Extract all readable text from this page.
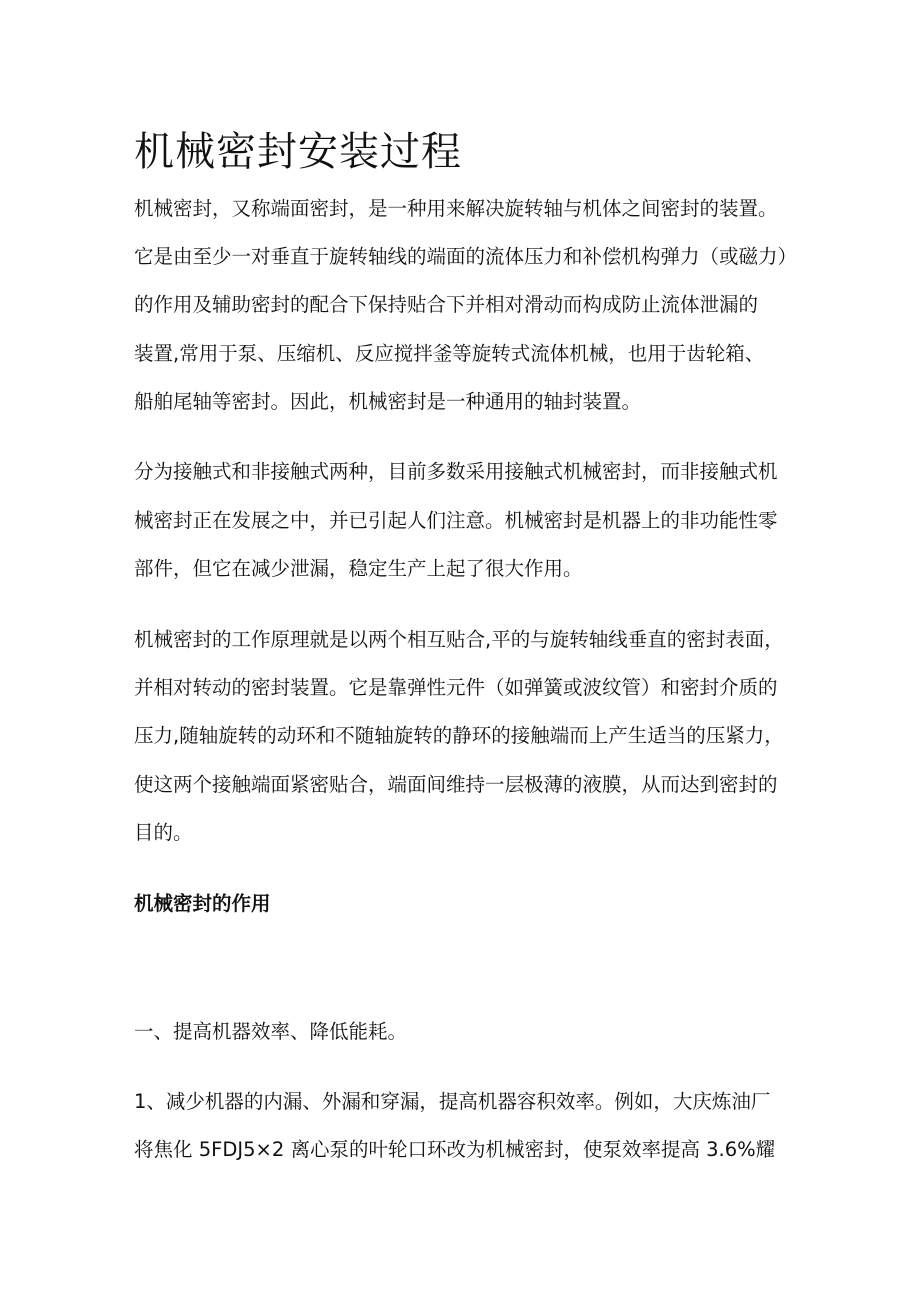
机械密封安装过程

机械密封，又称端面密封，是一种用来解决旋转轴与机体之间密封的装置。

它是由至少一对垂直于旋转轴线的端面的流体压力和补偿机构弹力（或磁力）

的作用及辅助密封的配合下保持贴合下并相对滑动而构成防止流体泄漏的

装置,常用于泵、压缩机、反应搅拌釜等旋转式流体机械，也用于齿轮箱、

船舶尾轴等密封。因此，机械密封是一种通用的轴封装置。

分为接触式和非接触式两种，目前多数采用接触式机械密封，而非接触式机

械密封正在发展之中，并已引起人们注意。机械密封是机器上的非功能性零

部件，但它在减少泄漏，稳定生产上起了很大作用。

机械密封的工作原理就是以两个相互贴合,平的与旋转轴线垂直的密封表面，

并相对转动的密封装置。它是靠弹性元件（如弹簧或波纹管）和密封介质的

压力,随轴旋转的动环和不随轴旋转的静环的接触端而上产生适当的压紧力，

使这两个接触端面紧密贴合，端面间维持一层极薄的液膜，从而达到密封的

目的。

机械密封的作用

一、提高机器效率、降低能耗。

1、减少机器的内漏、外漏和穿漏，提高机器容积效率。例如，大庆炼油厂

将焦化 5FDJ5×2 离心泵的叶轮口环改为机械密封，使泵效率提高 3.6%耀
